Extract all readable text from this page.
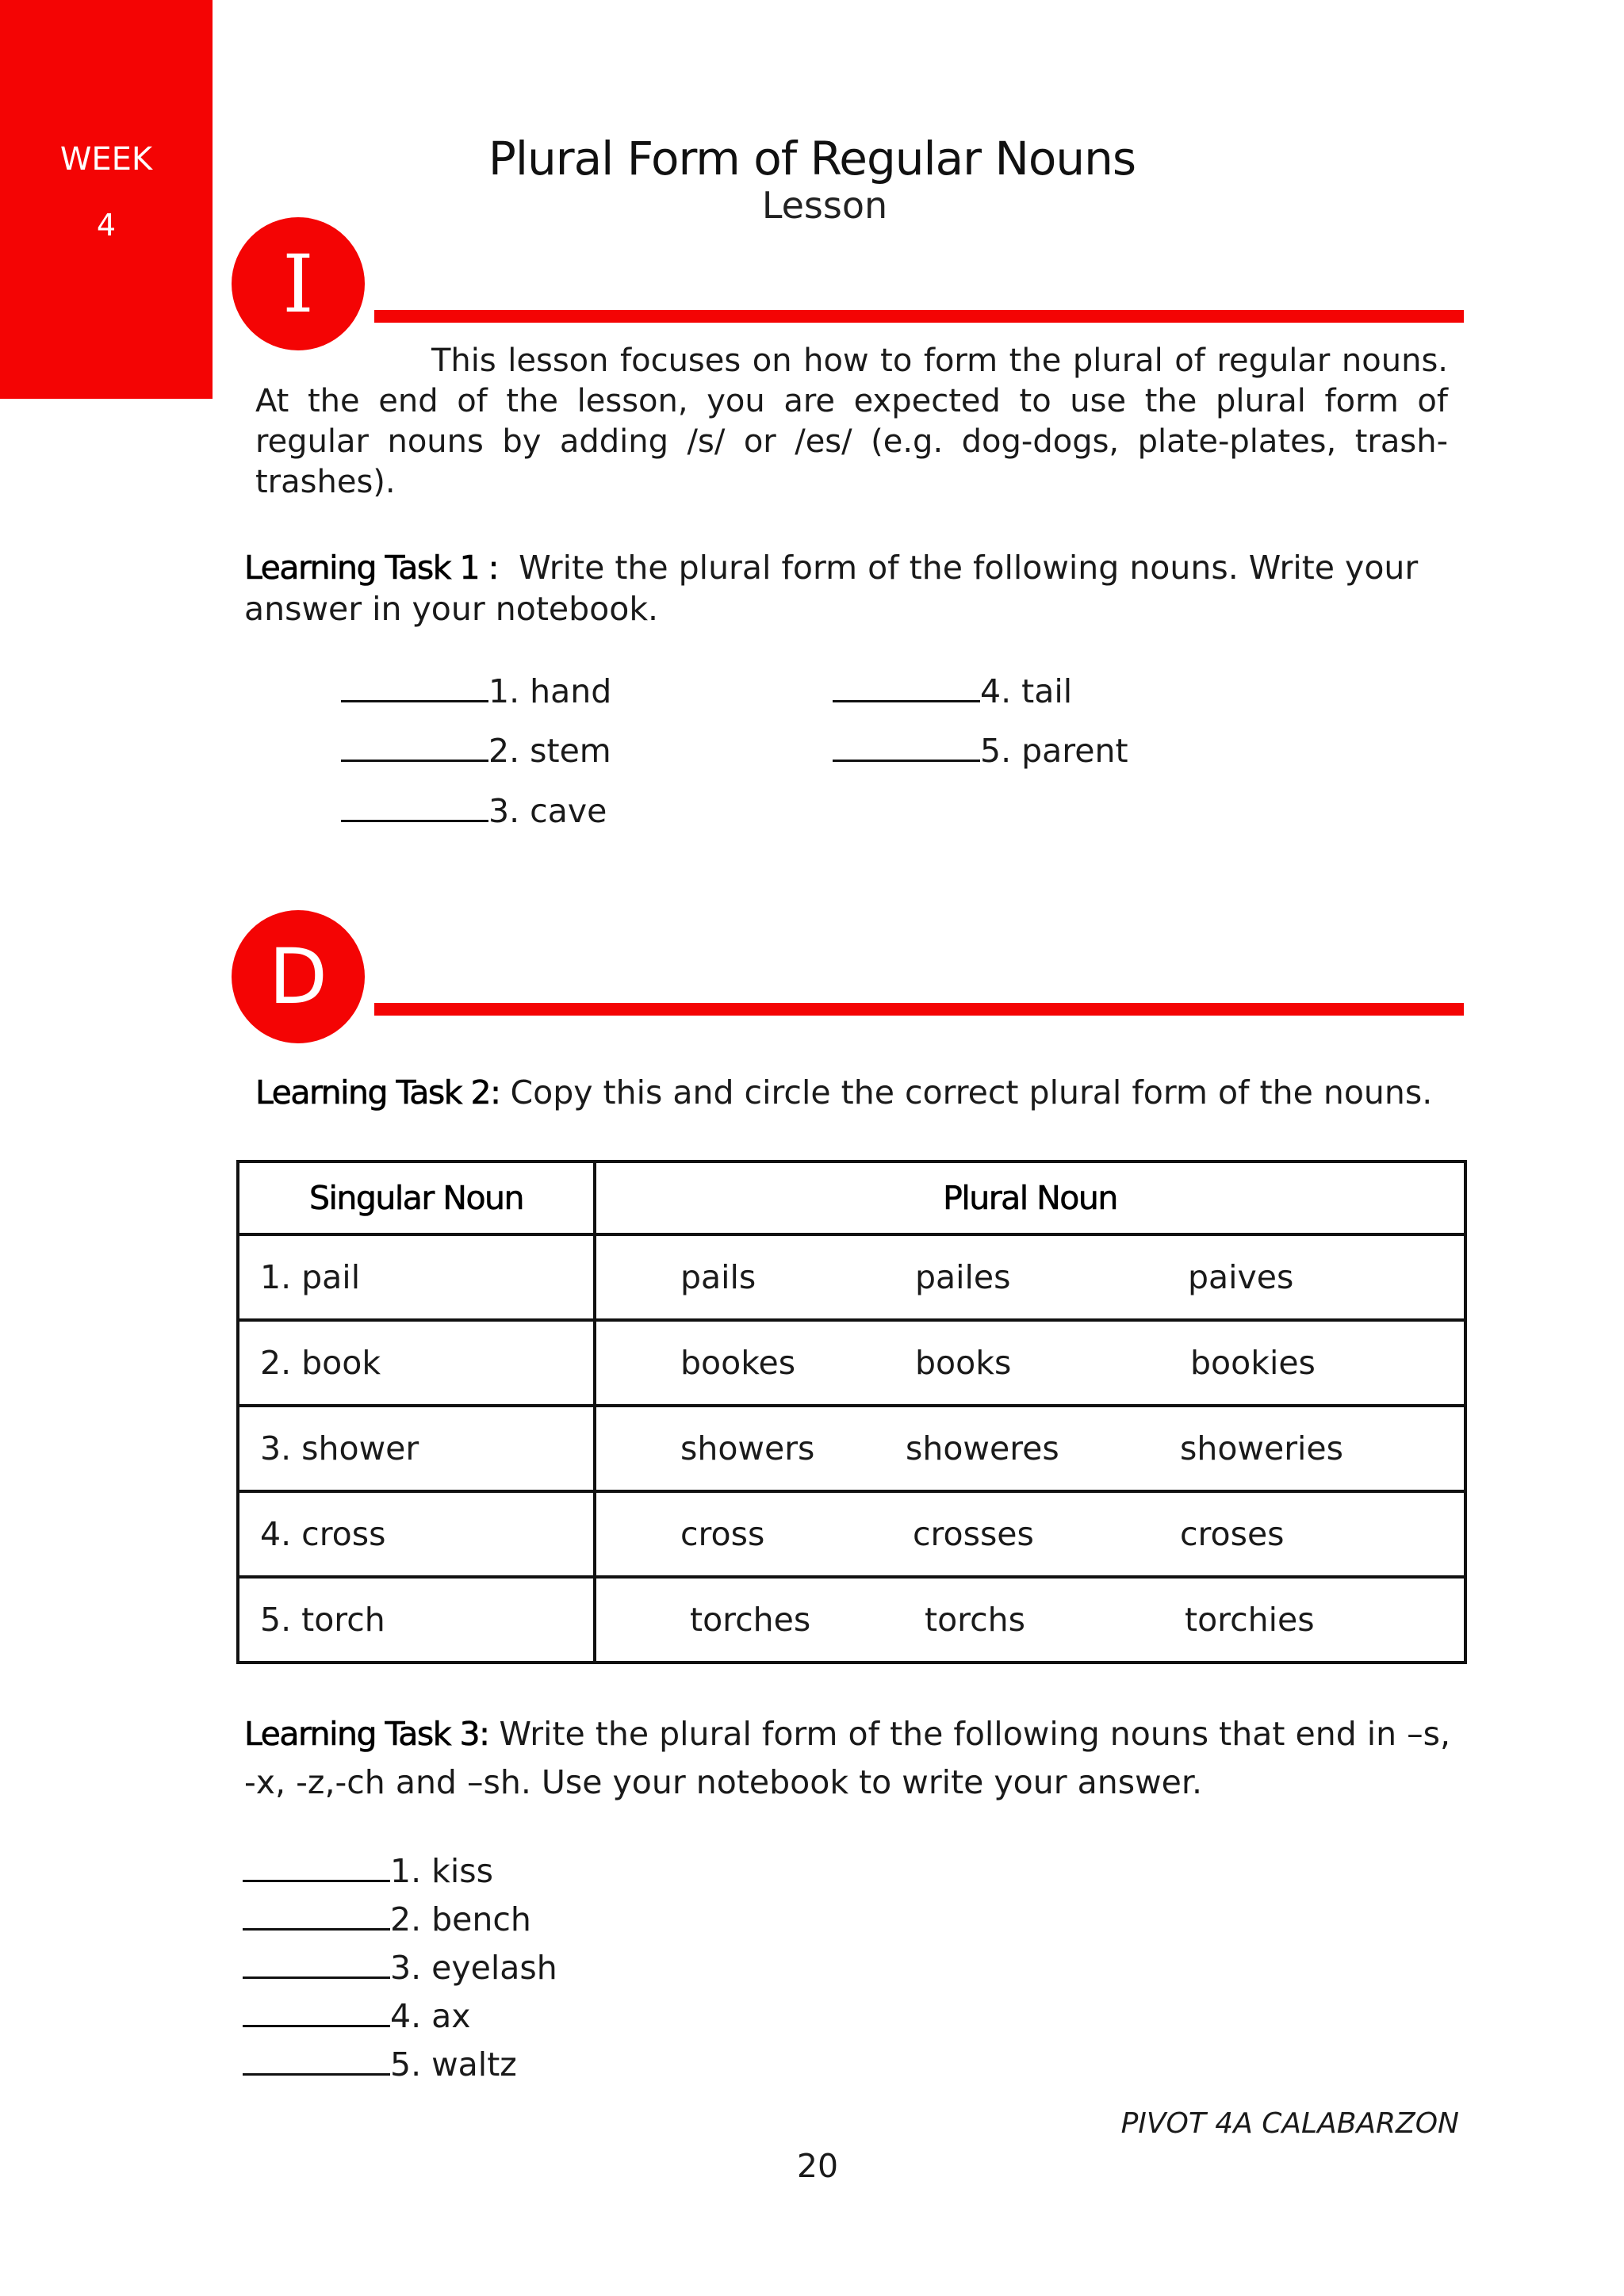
WEEK
4
Plural Form of Regular Nouns
Lesson
I

This lesson focuses on how to form the plural of regular nouns. At the end of the lesson, you are expected to use the plural form of regular nouns by adding /s/ or /es/ (e.g. dog-dogs, plate-plates, trash-trashes).

Learning Task 1 : Write the plural form of the following nouns. Write your answer in your notebook.
1. hand
2. stem
3. cave
4. tail
5. parent
D
Learning Task 2: Copy this and circle the correct plural form of the nouns.
Singular Noun	Plural Noun
1. pail	pails pailes paives

2. book	bookes books bookies

3. shower	showers showeres showeries

4. cross	cross crosses croses

5. torch	torches torchs torchies
Learning Task 3: Write the plural form of the following nouns that end in –s, -x, -z,-ch and –sh. Use your notebook to write your answer.
1. kiss
2. bench
3. eyelash
4. ax
5. waltz
PIVOT 4A CALABARZON
20
